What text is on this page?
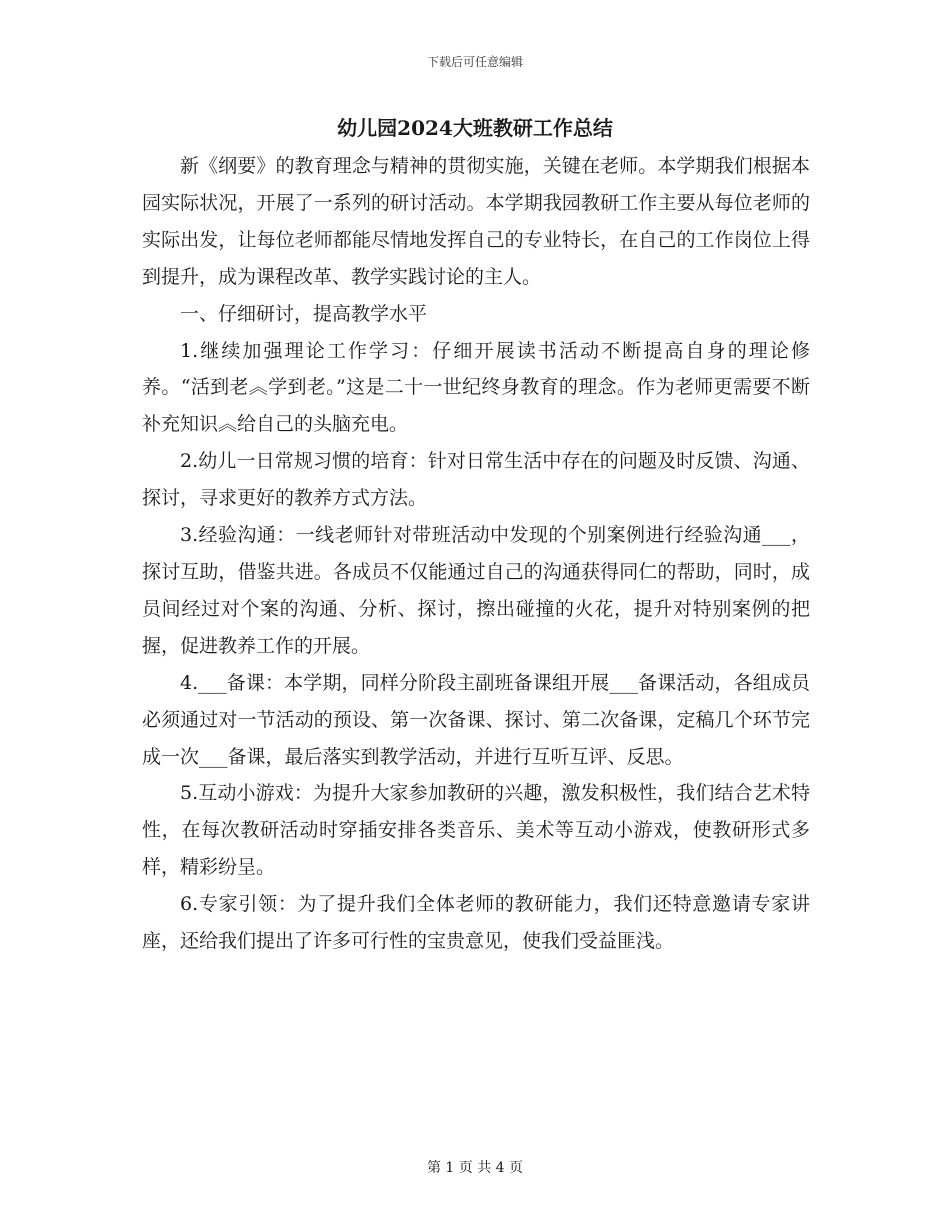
下载后可任意编辑
幼儿园2024大班教研工作总结

新《纲要》的教育理念与精神的贯彻实施，关键在老师。本学期我们根据本园实际状况，开展了一系列的研讨活动。本学期我园教研工作主要从每位老师的实际出发，让每位老师都能尽情地发挥自己的专业特长，在自己的工作岗位上得到提升，成为课程改革、教学实践讨论的主人。

一、仔细研讨，提高教学水平

1.继续加强理论工作学习：仔细开展读书活动不断提高自身的理论修养。“活到老︽学到老。”这是二十一世纪终身教育的理念。作为老师更需要不断补充知识︽给自己的头脑充电。

2.幼儿一日常规习惯的培育：针对日常生活中存在的问题及时反馈、沟通、探讨，寻求更好的教养方式方法。

3.经验沟通：一线老师针对带班活动中发现的个别案例进行经验沟通___，探讨互助，借鉴共进。各成员不仅能通过自己的沟通获得同仁的帮助，同时，成员间经过对个案的沟通、分析、探讨，擦出碰撞的火花，提升对特别案例的把握，促进教养工作的开展。

4.___备课：本学期，同样分阶段主副班备课组开展___备课活动，各组成员必须通过对一节活动的预设、第一次备课、探讨、第二次备课，定稿几个环节完成一次___备课，最后落实到教学活动，并进行互听互评、反思。

5.互动小游戏：为提升大家参加教研的兴趣，激发积极性，我们结合艺术特性，在每次教研活动时穿插安排各类音乐、美术等互动小游戏，使教研形式多样，精彩纷呈。

6.专家引领：为了提升我们全体老师的教研能力，我们还特意邀请专家讲座，还给我们提出了许多可行性的宝贵意见，使我们受益匪浅。

第 1 页 共 4 页
